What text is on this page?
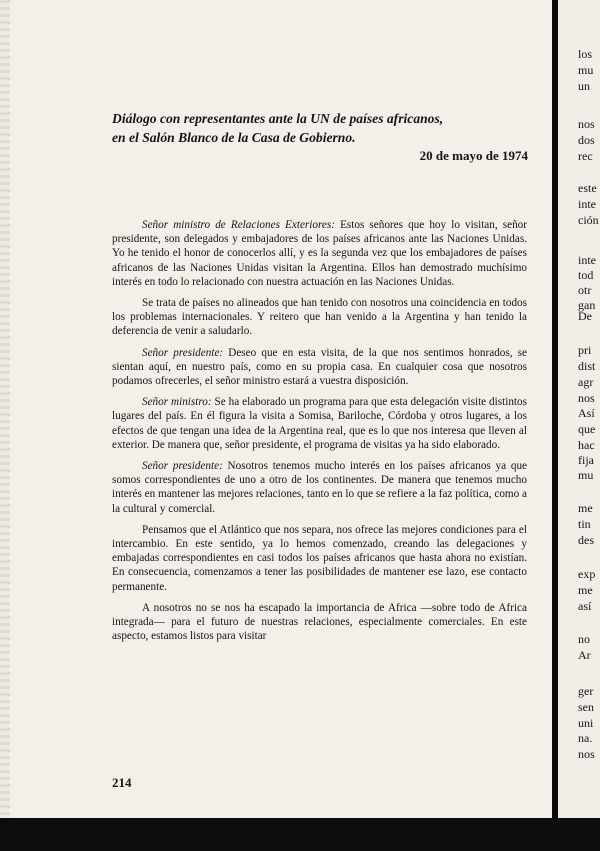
Diálogo con representantes ante la UN de países africanos,
en el Salón Blanco de la Casa de Gobierno.
20 de mayo de 1974

Señor ministro de Relaciones Exteriores: Estos señores que hoy lo visitan, señor presidente, son delegados y embajadores de los países africanos ante las Naciones Unidas. Yo he tenido el honor de conocerlos allí, y es la segunda vez que los embajadores de países africanos de las Naciones Unidas visitan la Argentina. Ellos han demostrado muchísimo interés en todo lo relacionado con nuestra actuación en las Naciones Unidas.

Se trata de países no alineados que han tenido con nosotros una coincidencia en todos los problemas internacionales. Y reitero que han venido a la Argentina y han tenido la deferencia de venir a saludarlo.

Señor presidente: Deseo que en esta visita, de la que nos sentimos honrados, se sientan aquí, en nuestro país, como en su propia casa. En cualquier cosa que nosotros podamos ofrecerles, el señor ministro estará a vuestra disposición.

Señor ministro: Se ha elaborado un programa para que esta delegación visite distintos lugares del país. En él figura la visita a Somisa, Bariloche, Córdoba y otros lugares, a los efectos de que tengan una idea de la Argentina real, que es lo que nos interesa que lleven al exterior. De manera que, señor presidente, el programa de visitas ya ha sido elaborado.

Señor presidente: Nosotros tenemos mucho interés en los países africanos ya que somos correspondientes de uno a otro de los continentes. De manera que tenemos mucho interés en mantener las mejores relaciones, tanto en lo que se refiere a la faz política, como a la cultural y comercial.

Pensamos que el Atlántico que nos separa, nos ofrece las mejores condiciones para el intercambio. En este sentido, ya lo hemos comenzado, creando las delegaciones y embajadas correspondientes en casi todos los países africanos que hasta ahora no existían. En consecuencia, comenzamos a tener las posibilidades de mantener ese lazo, ese contacto permanente.

A nosotros no se nos ha escapado la importancia de Africa —sobre todo de Africa integrada— para el futuro de nuestras relaciones, especialmente comerciales. En este aspecto, estamos listos para visitar

214
los
mu
un
nos
dos
rec
este
inte
ción
inte
tod
otr
gan
De
pri
dist
agr
nos
Así
que
hac
fija
mu
me
tin
des
exp
me
así
no
Ar
ger
sen
uni
na.
nos
